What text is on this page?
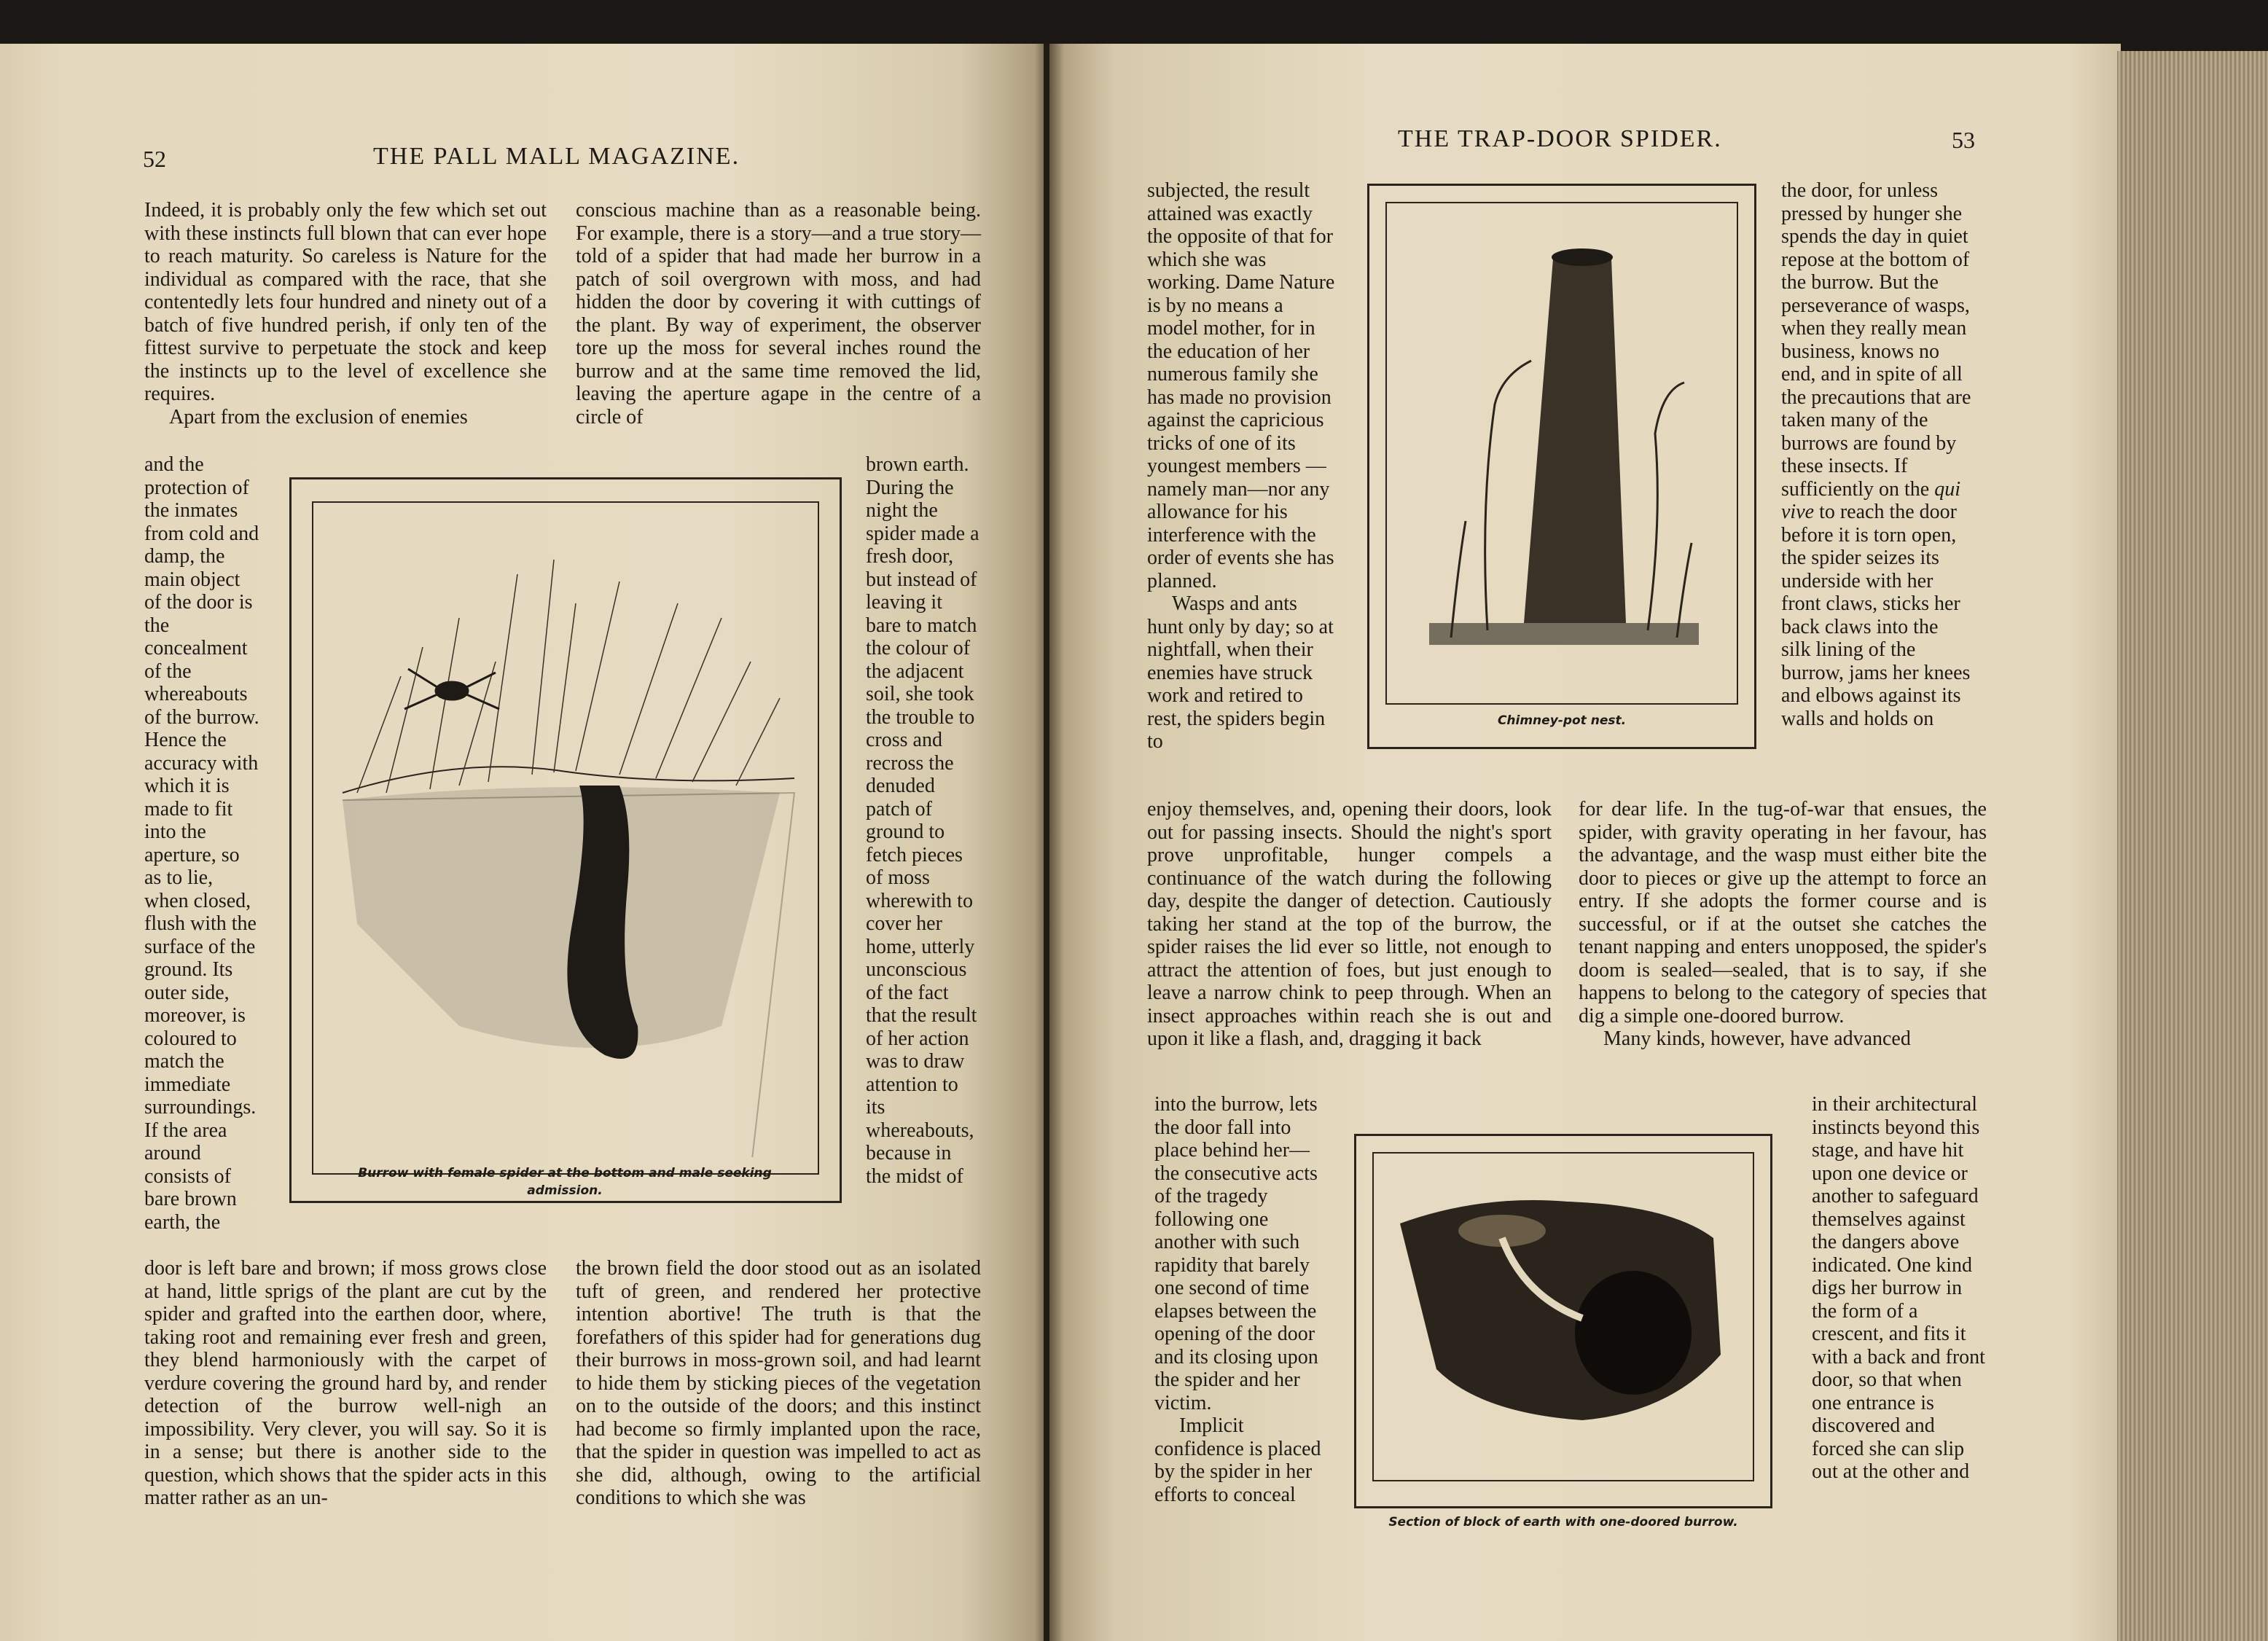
52	THE PALL MALL MAGAZINE.

Indeed, it is probably only the few which set out with these instincts full blown that can ever hope to reach maturity. So careless is Nature for the individual as compared with the race, that she contentedly lets four hundred and ninety out of a batch of five hundred perish, if only ten of the fittest survive to perpetuate the stock and keep the instincts up to the level of excellence she requires.

Apart from the exclusion of enemies

conscious machine than as a reasonable being. For example, there is a story—and a true story—told of a spider that had made her burrow in a patch of soil overgrown with moss, and had hidden the door by covering it with cuttings of the plant. By way of experiment, the observer tore up the moss for several inches round the burrow and at the same time removed the lid, leaving the aperture agape in the centre of a circle of

and the protection of the inmates from cold and damp, the main object of the door is the concealment of the whereabouts of the burrow. Hence the accuracy with which it is made to fit into the aperture, so as to lie, when closed, flush with the surface of the ground. Its outer side, moreover, is coloured to match the immediate surroundings. If the area around consists of bare brown earth, the
brown earth. During the night the spider made a fresh door, but instead of leaving it bare to match the colour of the adjacent soil, she took the trouble to cross and recross the denuded patch of ground to fetch pieces of moss wherewith to cover her home, utterly unconscious of the fact that the result of her action was to draw attention to its whereabouts, because in the midst of
Burrow with female spider at the bottom and male seeking admission.
door is left bare and brown; if moss grows close at hand, little sprigs of the plant are cut by the spider and grafted into the earthen door, where, taking root and remaining ever fresh and green, they blend harmoniously with the carpet of verdure covering the ground hard by, and render detection of the burrow well-nigh an impossibility. Very clever, you will say. So it is in a sense; but there is another side to the question, which shows that the spider acts in this matter rather as an un-
the brown field the door stood out as an isolated tuft of green, and rendered her protective intention abortive! The truth is that the forefathers of this spider had for generations dug their burrows in moss-grown soil, and had learnt to hide them by sticking pieces of the vegetation on to the outside of the doors; and this instinct had become so firmly implanted upon the race, that the spider in question was impelled to act as she did, although, owing to the artificial conditions to which she was
THE TRAP-DOOR SPIDER.	53

subjected, the result attained was exactly the opposite of that for which she was working. Dame Nature is by no means a model mother, for in the education of her numerous family she has made no provision against the capricious tricks of one of its youngest members — namely man—nor any allowance for his interference with the order of events she has planned.

Wasps and ants hunt only by day; so at nightfall, when their enemies have struck work and retired to rest, the spiders begin to

Chimney-pot nest.
the door, for unless pressed by hunger she spends the day in quiet repose at the bottom of the burrow. But the perseverance of wasps, when they really mean business, knows no end, and in spite of all the precautions that are taken many of the burrows are found by these insects. If sufficiently on the qui vive to reach the door before it is torn open, the spider seizes its underside with her front claws, sticks her back claws into the silk lining of the burrow, jams her knees and elbows against its walls and holds on
enjoy themselves, and, opening their doors, look out for passing insects. Should the night's sport prove unprofitable, hunger compels a continuance of the watch during the following day, despite the danger of detection. Cautiously taking her stand at the top of the burrow, the spider raises the lid ever so little, not enough to attract the attention of foes, but just enough to leave a narrow chink to peep through. When an insect approaches within reach she is out and upon it like a flash, and, dragging it back

for dear life. In the tug-of-war that ensues, the spider, with gravity operating in her favour, has the advantage, and the wasp must either bite the door to pieces or give up the attempt to force an entry. If she adopts the former course and is successful, or if at the outset she catches the tenant napping and enters unopposed, the spider's doom is sealed—sealed, that is to say, if she happens to belong to the category of species that dig a simple one-doored burrow.

Many kinds, however, have advanced

into the burrow, lets the door fall into place behind her—the consecutive acts of the tragedy following one another with such rapidity that barely one second of time elapses between the opening of the door and its closing upon the spider and her victim.

Implicit confidence is placed by the spider in her efforts to conceal

Section of block of earth with one-doored burrow.
in their architectural instincts beyond this stage, and have hit upon one device or another to safeguard themselves against the dangers above indicated. One kind digs her burrow in the form of a crescent, and fits it with a back and front door, so that when one entrance is discovered and forced she can slip out at the other and
